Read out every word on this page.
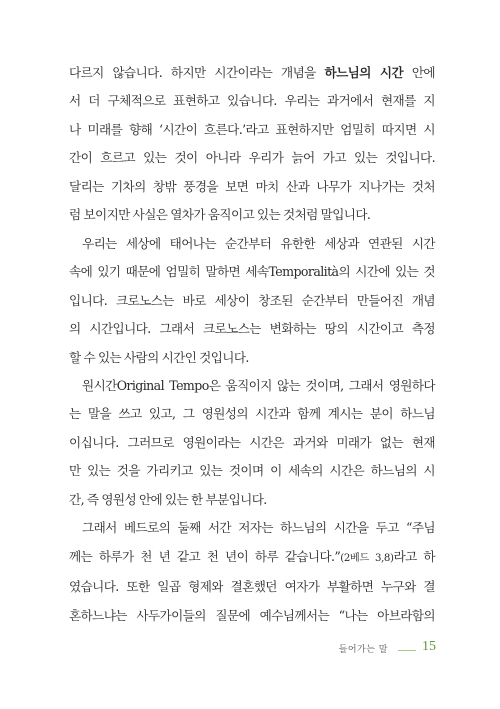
다르지 않습니다. 하지만 시간이라는 개념을 하느님의 시간 안에
서 더 구체적으로 표현하고 있습니다. 우리는 과거에서 현재를 지
나 미래를 향해 ‘시간이 흐른다.’라고 표현하지만 엄밀히 따지면 시
간이 흐르고 있는 것이 아니라 우리가 늙어 가고 있는 것입니다.
달리는 기차의 창밖 풍경을 보면 마치 산과 나무가 지나가는 것처
럼 보이지만 사실은 열차가 움직이고 있는 것처럼 말입니다.
우리는 세상에 태어나는 순간부터 유한한 세상과 연관된 시간
속에 있기 때문에 엄밀히 말하면 세속Temporalità의 시간에 있는 것
입니다. 크로노스는 바로 세상이 창조된 순간부터 만들어진 개념
의 시간입니다. 그래서 크로노스는 변화하는 땅의 시간이고 측정
할 수 있는 사람의 시간인 것입니다.
원시간Original Tempo은 움직이지 않는 것이며, 그래서 영원하다
는 말을 쓰고 있고, 그 영원성의 시간과 함께 계시는 분이 하느님
이십니다. 그러므로 영원이라는 시간은 과거와 미래가 없는 현재
만 있는 것을 가리키고 있는 것이며 이 세속의 시간은 하느님의 시
간, 즉 영원성 안에 있는 한 부분입니다.
그래서 베드로의 둘째 서간 저자는 하느님의 시간을 두고 “주님
께는 하루가 천 년 같고 천 년이 하루 같습니다.”(2베드 3,8)라고 하
였습니다. 또한 일곱 형제와 결혼했던 여자가 부활하면 누구와 결
혼하느냐는 사두가이들의 질문에 예수님께서는 “나는 아브라함의
들어가는 말 15
